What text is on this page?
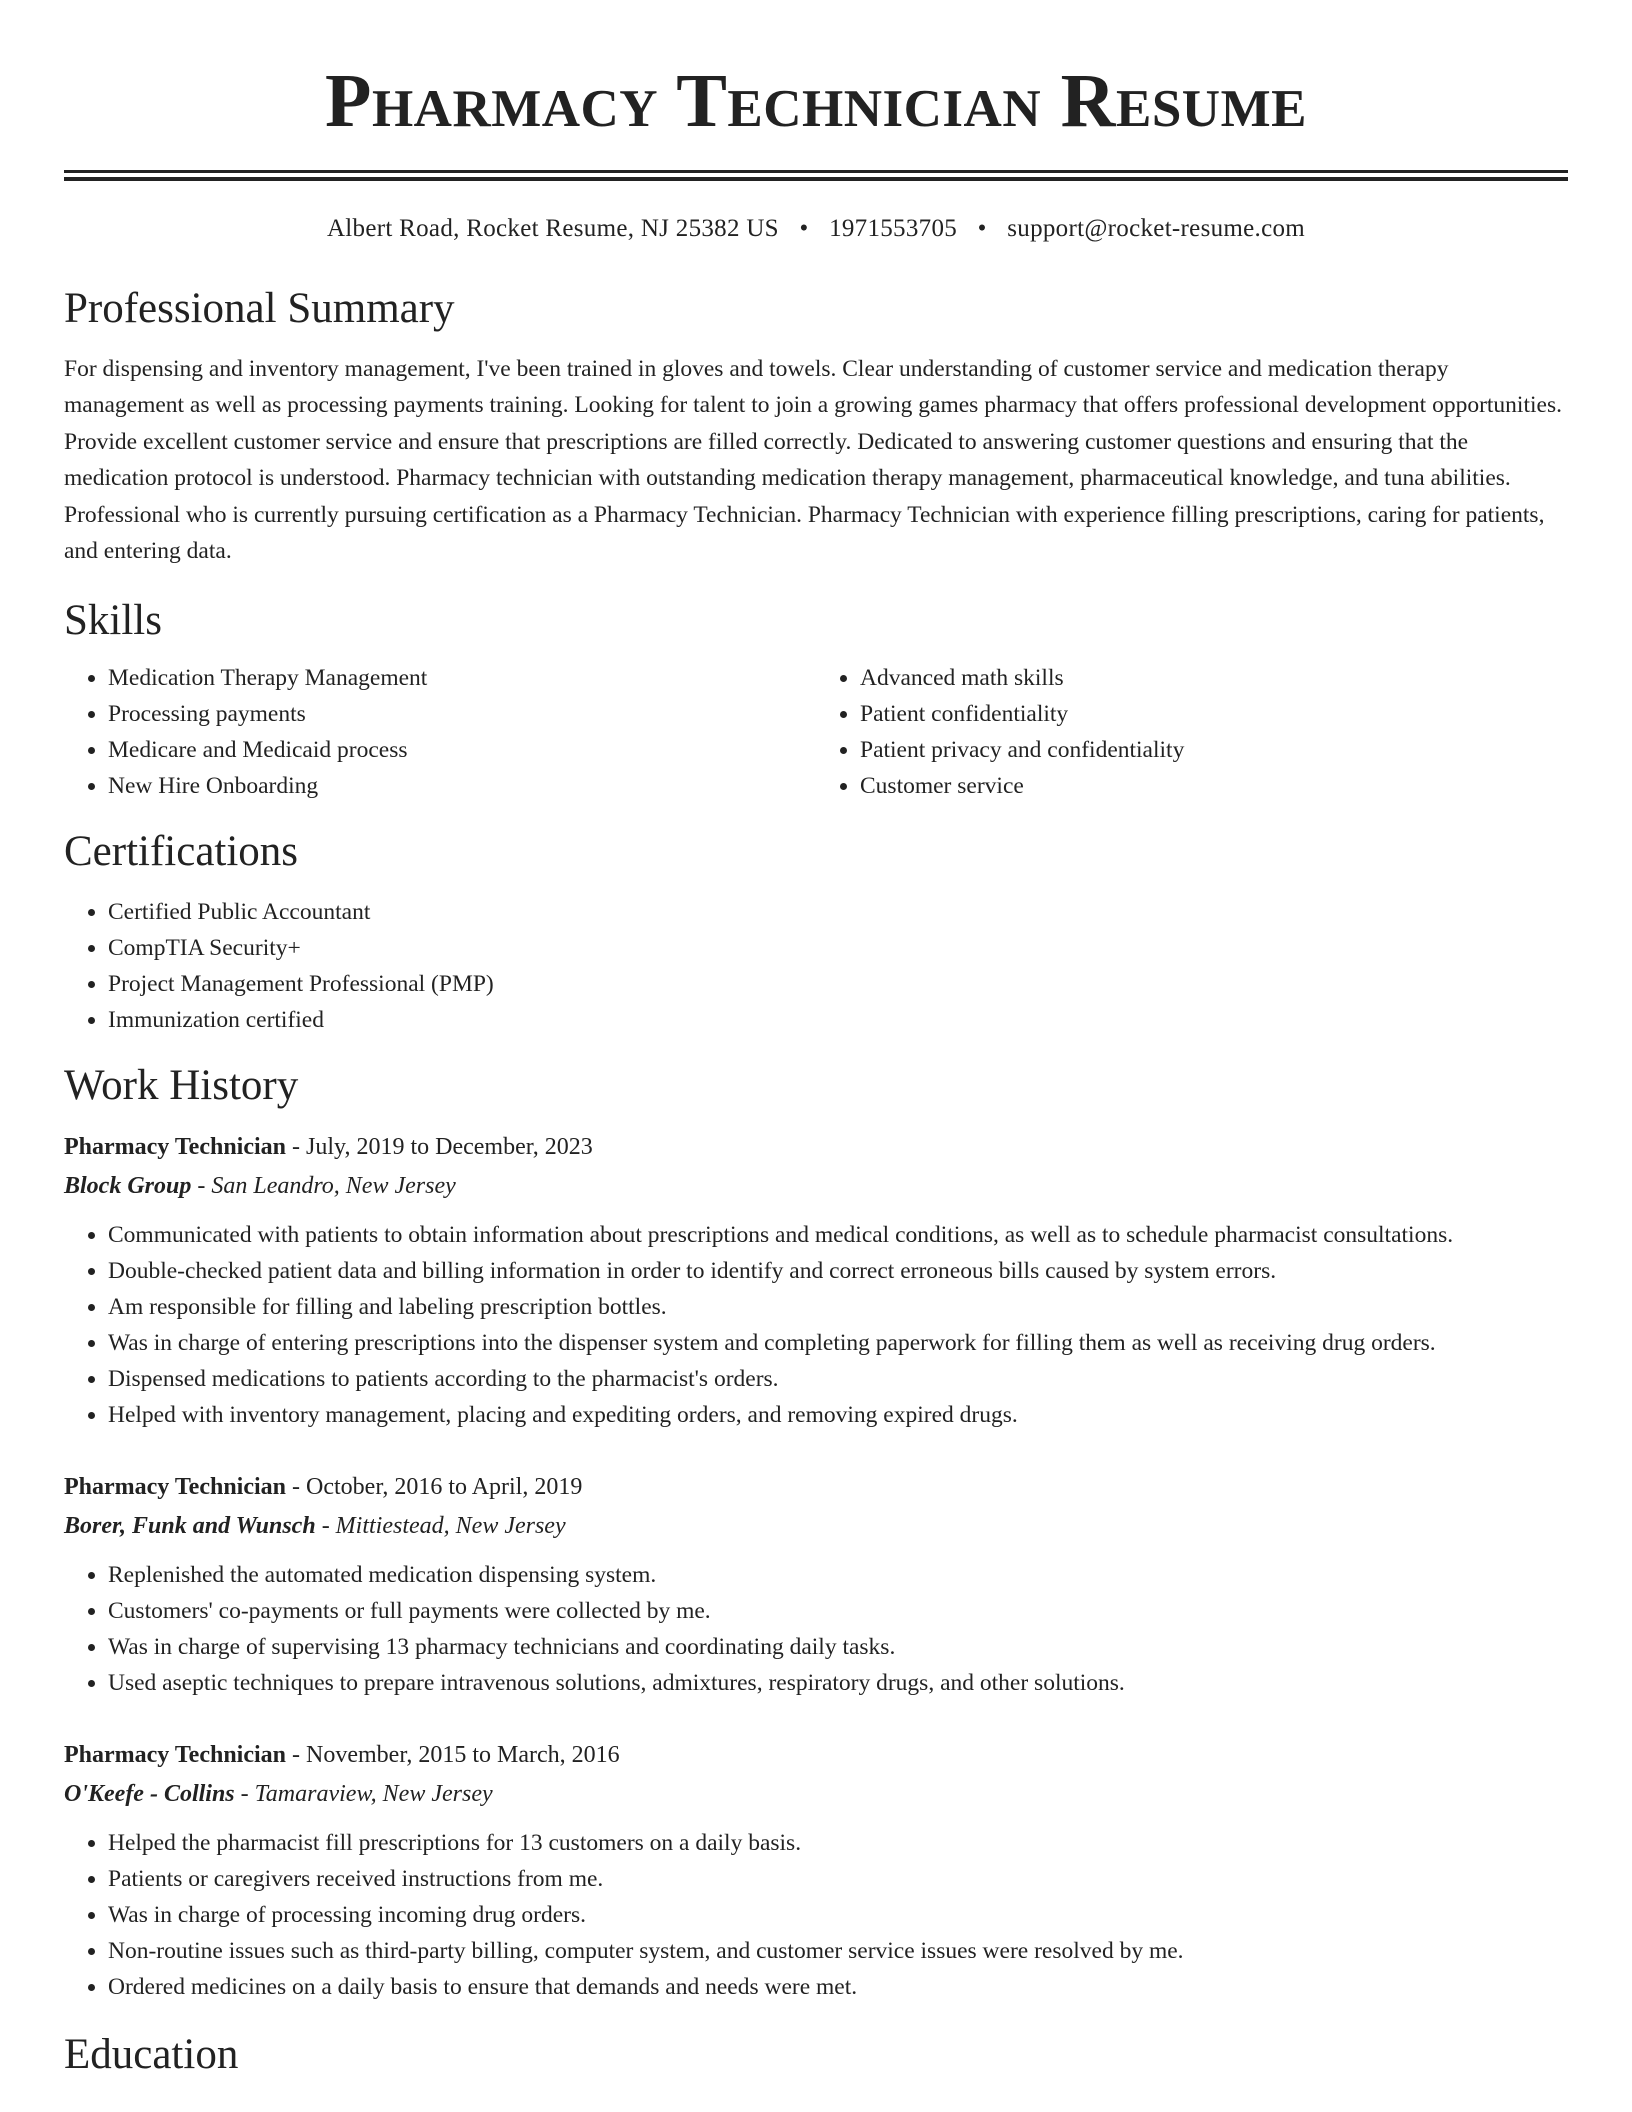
Pharmacy Technician Resume
Albert Road, Rocket Resume, NJ 25382 US • 1971553705 • support@rocket-resume.com
Professional Summary

For dispensing and inventory management, I've been trained in gloves and towels. Clear understanding of customer service and medication therapy management as well as processing payments training. Looking for talent to join a growing games pharmacy that offers professional development opportunities. Provide excellent customer service and ensure that prescriptions are filled correctly. Dedicated to answering customer questions and ensuring that the medication protocol is understood. Pharmacy technician with outstanding medication therapy management, pharmaceutical knowledge, and tuna abilities. Professional who is currently pursuing certification as a Pharmacy Technician. Pharmacy Technician with experience filling prescriptions, caring for patients, and entering data.

Skills
• Medication Therapy Management
• Processing payments
• Medicare and Medicaid process
• New Hire Onboarding
• Advanced math skills
• Patient confidentiality
• Patient privacy and confidentiality
• Customer service
Certifications
• Certified Public Accountant
• CompTIA Security+
• Project Management Professional (PMP)
• Immunization certified
Work History
Pharmacy Technician - July, 2019 to December, 2023
Block Group - San Leandro, New Jersey
• Communicated with patients to obtain information about prescriptions and medical conditions, as well as to schedule pharmacist consultations.
• Double-checked patient data and billing information in order to identify and correct erroneous bills caused by system errors.
• Am responsible for filling and labeling prescription bottles.
• Was in charge of entering prescriptions into the dispenser system and completing paperwork for filling them as well as receiving drug orders.
• Dispensed medications to patients according to the pharmacist's orders.
• Helped with inventory management, placing and expediting orders, and removing expired drugs.
Pharmacy Technician - October, 2016 to April, 2019
Borer, Funk and Wunsch - Mittiestead, New Jersey
• Replenished the automated medication dispensing system.
• Customers' co-payments or full payments were collected by me.
• Was in charge of supervising 13 pharmacy technicians and coordinating daily tasks.
• Used aseptic techniques to prepare intravenous solutions, admixtures, respiratory drugs, and other solutions.
Pharmacy Technician - November, 2015 to March, 2016
O'Keefe - Collins - Tamaraview, New Jersey
• Helped the pharmacist fill prescriptions for 13 customers on a daily basis.
• Patients or caregivers received instructions from me.
• Was in charge of processing incoming drug orders.
• Non-routine issues such as third-party billing, computer system, and customer service issues were resolved by me.
• Ordered medicines on a daily basis to ensure that demands and needs were met.
Education
